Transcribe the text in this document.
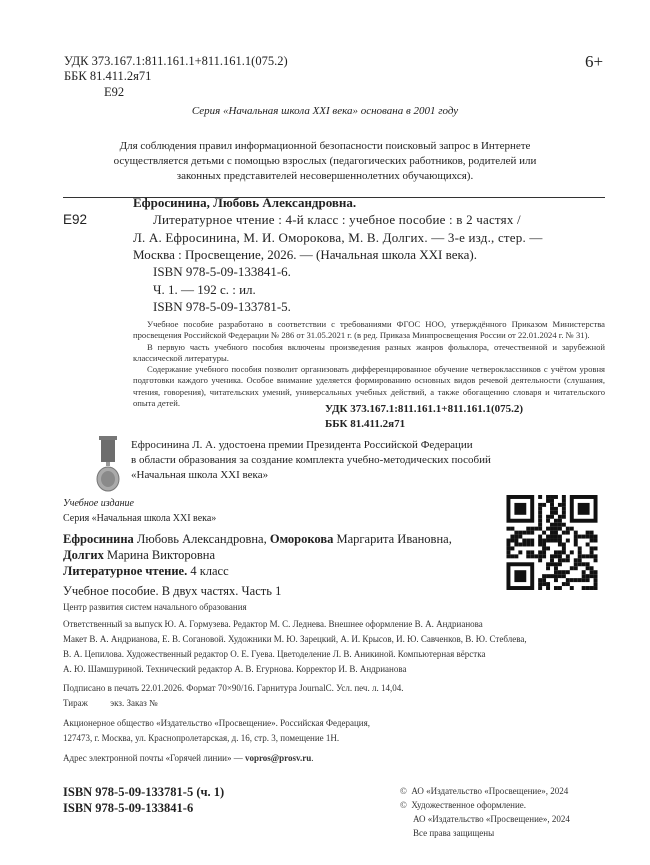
УДК 373.167.1:811.161.1+811.161.1(075.2)
ББК 81.411.2я71
Е92
6+
Серия «Начальная школа XXI века» основана в 2001 году
Для соблюдения правил информационной безопасности поисковый запрос в Интернете
осуществляется детьми с помощью взрослых (педагогических работников, родителей или
законных представителей несовершеннолетних обучающихся).
Ефросинина, Любовь Александровна.
Е92	Литературное чтение : 4-й класс : учебное пособие : в 2 частях /
Л. А. Ефросинина, М. И. Оморокова, М. В. Долгих. — 3-е изд., стер. —
Москва : Просвещение, 2026. — (Начальная школа XXI века).
ISBN 978-5-09-133841-6.
Ч. 1. — 192 с. : ил.
ISBN 978-5-09-133781-5.

Учебное пособие разработано в соответствии с требованиями ФГОС НОО, утверждённого Приказом Министерства просвещения Российской Федерации № 286 от 31.05.2021 г. (в ред. Приказа Минпросвещения России от 22.01.2024 г. № 31).

В первую часть учебного пособия включены произведения разных жанров фольклора, отечественной и зарубежной классической литературы.

Содержание учебного пособия позволит организовать дифференцированное обучение четвероклассников с учётом уровня подготовки каждого ученика. Особое внимание уделяется формированию основных видов речевой деятельности (слушания, чтения, говорения), читательских умений, универсальных учебных действий, а также обогащению словаря и читательского опыта детей.	УДК 373.167.1:811.161.1+811.161.1(075.2)
ББК 81.411.2я71
Ефросинина Л. А. удостоена премии Президента Российской Федерации
в области образования за создание комплекта учебно-методических пособий
«Начальная школа XXI века»
Учебное издание
Серия «Начальная школа XXI века»
Ефросинина Любовь Александровна, Оморокова Маргарита Ивановна,
Долгих Марина Викторовна
Литературное чтение. 4 класс
Учебное пособие. В двух частях. Часть 1
Центр развития систем начального образования
Ответственный за выпуск Ю. А. Гормузева. Редактор М. С. Леднева. Внешнее оформление В. А. Андрианова
Макет В. А. Андрианова, Е. В. Согановой. Художники М. Ю. Зарецкий, А. И. Крысов, И. Ю. Савченков, В. Ю. Стеблева,
В. А. Цепилова. Художественный редактор О. Е. Гуева. Цветоделение Л. В. Аникиной. Компьютерная вёрстка
А. Ю. Шамшуриной. Технический редактор А. В. Егурнова. Корректор И. В. Андрианова
Подписано в печать 22.01.2026. Формат 70×90/16. Гарнитура JournalC. Усл. печ. л. 14,04.
Тираж          экз. Заказ №
Акционерное общество «Издательство «Просвещение». Российская Федерация,
127473, г. Москва, ул. Краснопролетарская, д. 16, стр. 3, помещение 1Н.
Адрес электронной почты «Горячей линии» — vopros@prosv.ru.
ISBN 978-5-09-133781-5 (ч. 1)
ISBN 978-5-09-133841-6
©  АО «Издательство «Просвещение», 2024
©  Художественное оформление.
АО «Издательство «Просвещение», 2024
Все права защищены
